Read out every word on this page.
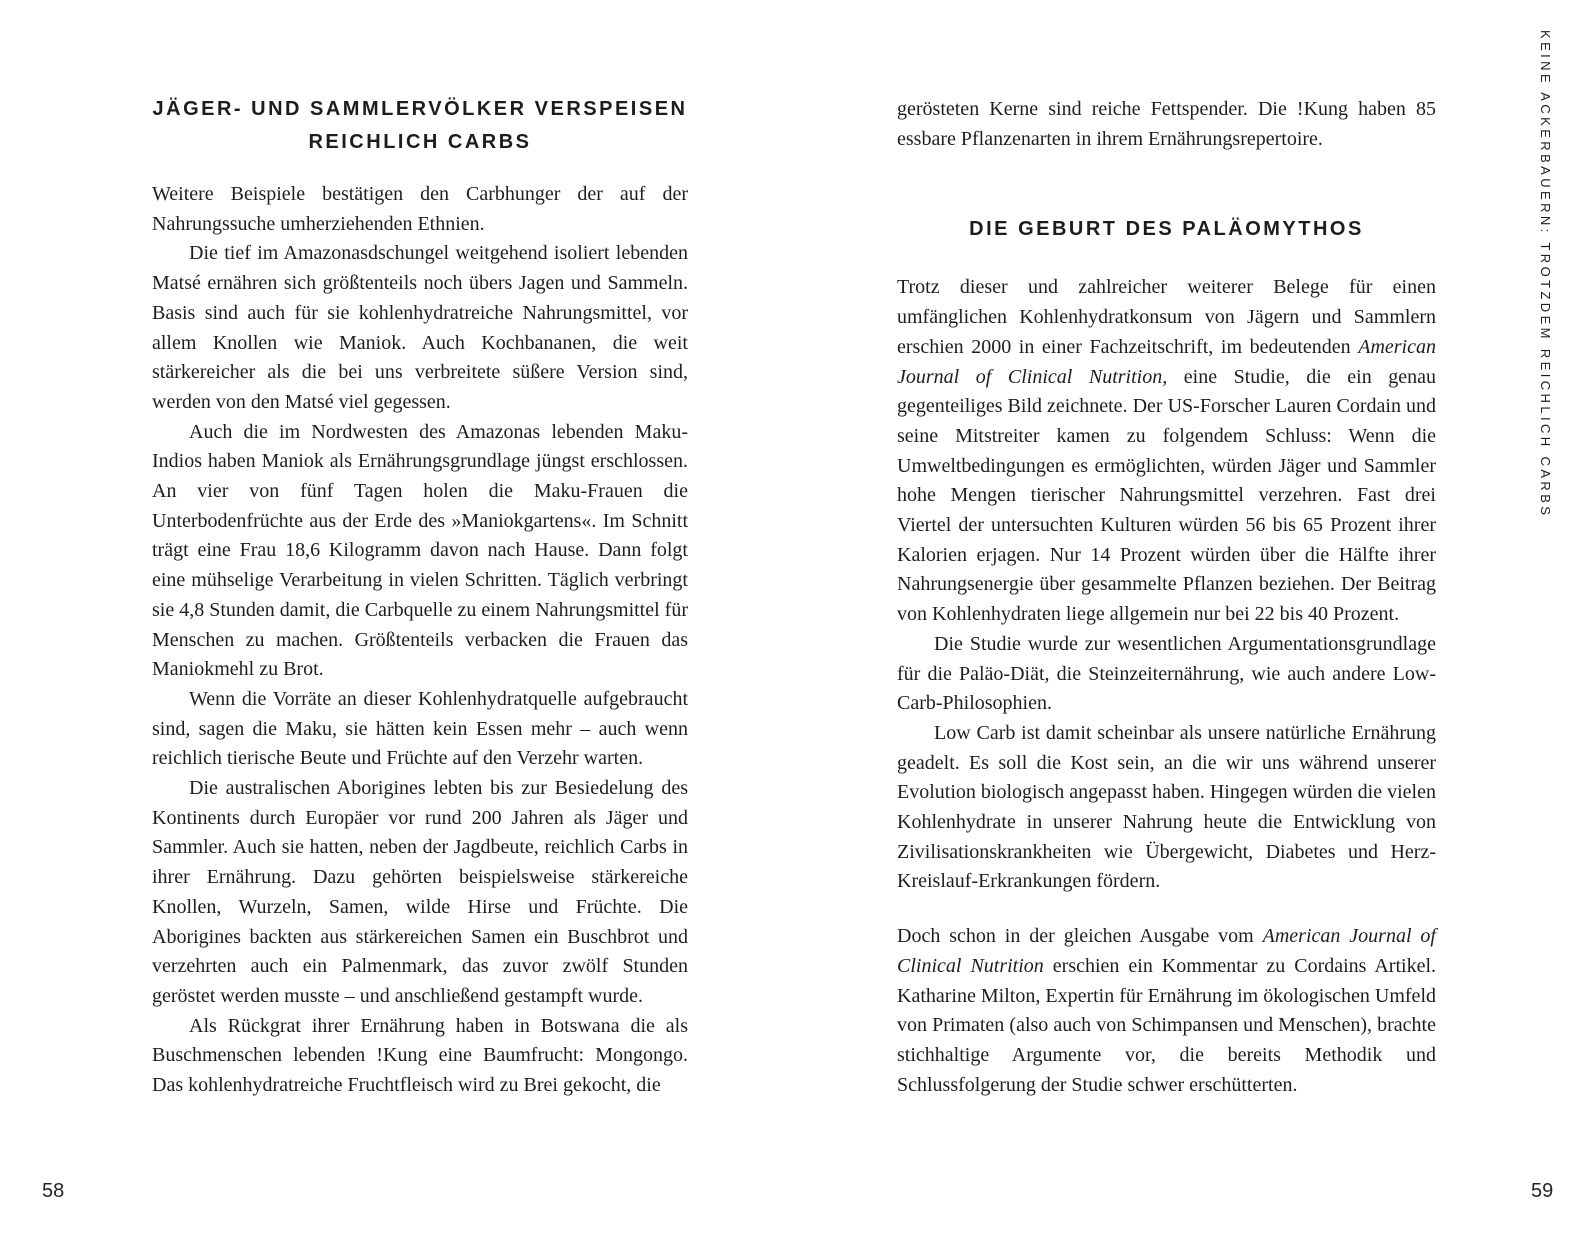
JÄGER- UND SAMMLERVÖLKER VERSPEISEN
REICHLICH CARBS

Weitere Beispiele bestätigen den Carbhunger der auf der Nahrungssuche umherziehenden Ethnien.

Die tief im Amazonasdschungel weitgehend isoliert lebenden Matsé ernähren sich größtenteils noch übers Jagen und Sammeln. Basis sind auch für sie kohlenhydratreiche Nahrungsmittel, vor allem Knollen wie Maniok. Auch Kochbananen, die weit stärkereicher als die bei uns verbreitete süßere Version sind, werden von den Matsé viel gegessen.

Auch die im Nordwesten des Amazonas lebenden Maku-Indios haben Maniok als Ernährungsgrundlage jüngst erschlossen. An vier von fünf Tagen holen die Maku-Frauen die Unterbodenfrüchte aus der Erde des »Maniokgartens«. Im Schnitt trägt eine Frau 18,6 Kilogramm davon nach Hause. Dann folgt eine mühselige Verarbeitung in vielen Schritten. Täglich verbringt sie 4,8 Stunden damit, die Carbquelle zu einem Nahrungsmittel für Menschen zu machen. Größtenteils verbacken die Frauen das Maniokmehl zu Brot.

Wenn die Vorräte an dieser Kohlenhydratquelle aufgebraucht sind, sagen die Maku, sie hätten kein Essen mehr – auch wenn reichlich tierische Beute und Früchte auf den Verzehr warten.

Die australischen Aborigines lebten bis zur Besiedelung des Kontinents durch Europäer vor rund 200 Jahren als Jäger und Sammler. Auch sie hatten, neben der Jagdbeute, reichlich Carbs in ihrer Ernährung. Dazu gehörten beispielsweise stärkereiche Knollen, Wurzeln, Samen, wilde Hirse und Früchte. Die Aborigines backten aus stärkereichen Samen ein Buschbrot und verzehrten auch ein Palmenmark, das zuvor zwölf Stunden geröstet werden musste – und anschließend gestampft wurde.

Als Rückgrat ihrer Ernährung haben in Botswana die als Buschmenschen lebenden !Kung eine Baumfrucht: Mongongo. Das kohlenhydratreiche Fruchtfleisch wird zu Brei gekocht, die

gerösteten Kerne sind reiche Fettspender. Die !Kung haben 85 essbare Pflanzenarten in ihrem Ernährungsrepertoire.

DIE GEBURT DES PALÄOMYTHOS

Trotz dieser und zahlreicher weiterer Belege für einen umfänglichen Kohlenhydratkonsum von Jägern und Sammlern erschien 2000 in einer Fachzeitschrift, im bedeutenden American Journal of Clinical Nutrition, eine Studie, die ein genau gegenteiliges Bild zeichnete. Der US-Forscher Lauren Cordain und seine Mitstreiter kamen zu folgendem Schluss: Wenn die Umweltbedingungen es ermöglichten, würden Jäger und Sammler hohe Mengen tierischer Nahrungsmittel verzehren. Fast drei Viertel der untersuchten Kulturen würden 56 bis 65 Prozent ihrer Kalorien erjagen. Nur 14 Prozent würden über die Hälfte ihrer Nahrungsenergie über gesammelte Pflanzen beziehen. Der Beitrag von Kohlenhydraten liege allgemein nur bei 22 bis 40 Prozent.

Die Studie wurde zur wesentlichen Argumentationsgrundlage für die Paläo-Diät, die Steinzeiternährung, wie auch andere Low-Carb-Philosophien.

Low Carb ist damit scheinbar als unsere natürliche Ernährung geadelt. Es soll die Kost sein, an die wir uns während unserer Evolution biologisch angepasst haben. Hingegen würden die vielen Kohlenhydrate in unserer Nahrung heute die Entwicklung von Zivilisationskrankheiten wie Übergewicht, Diabetes und Herz-Kreislauf-Erkrankungen fördern.

Doch schon in der gleichen Ausgabe vom American Journal of Clinical Nutrition erschien ein Kommentar zu Cordains Artikel. Katharine Milton, Expertin für Ernährung im ökologischen Umfeld von Primaten (also auch von Schimpansen und Menschen), brachte stichhaltige Argumente vor, die bereits Methodik und Schlussfolgerung der Studie schwer erschütterten.

KEINE ACKERBAUERN: TROTZDEM REICHLICH CARBS
58	59
